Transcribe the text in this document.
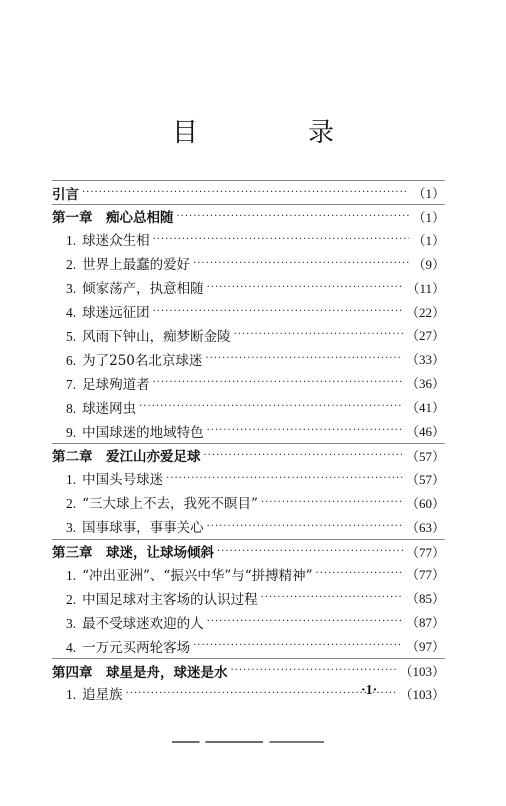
目　录
引言 ·····	（1）
第一章　痴心总相随 ·····	（1）
1. 球迷众生相 ·····	（1）
2. 世界上最蠢的爱好 ·····	（9）
3. 倾家荡产，执意相随 ·····	（11）
4. 球迷远征团 ·····	（22）
5. 风雨下钟山，痴梦断金陵 ·····	（27）
6. 为了250名北京球迷 ·····	（33）
7. 足球殉道者 ·····	（36）
8. 球迷网虫 ·····	（41）
9. 中国球迷的地域特色 ·····	（46）
第二章　爱江山亦爱足球 ·····	（57）
1. 中国头号球迷 ·····	（57）
2. “三大球上不去，我死不瞑目” ·····	（60）
3. 国事球事，事事关心 ·····	（63）
第三章　球迷，让球场倾斜 ·····	（77）
1. “冲出亚洲”、“振兴中华”与“拼搏精神” ·····	（77）
2. 中国足球对主客场的认识过程 ·····	（85）
3. 最不受球迷欢迎的人 ·····	（87）
4. 一万元买两轮客场 ·····	（97）
第四章　球星是舟，球迷是水 ·····	（103）
1. 追星族 ·····	（103）
·1·
